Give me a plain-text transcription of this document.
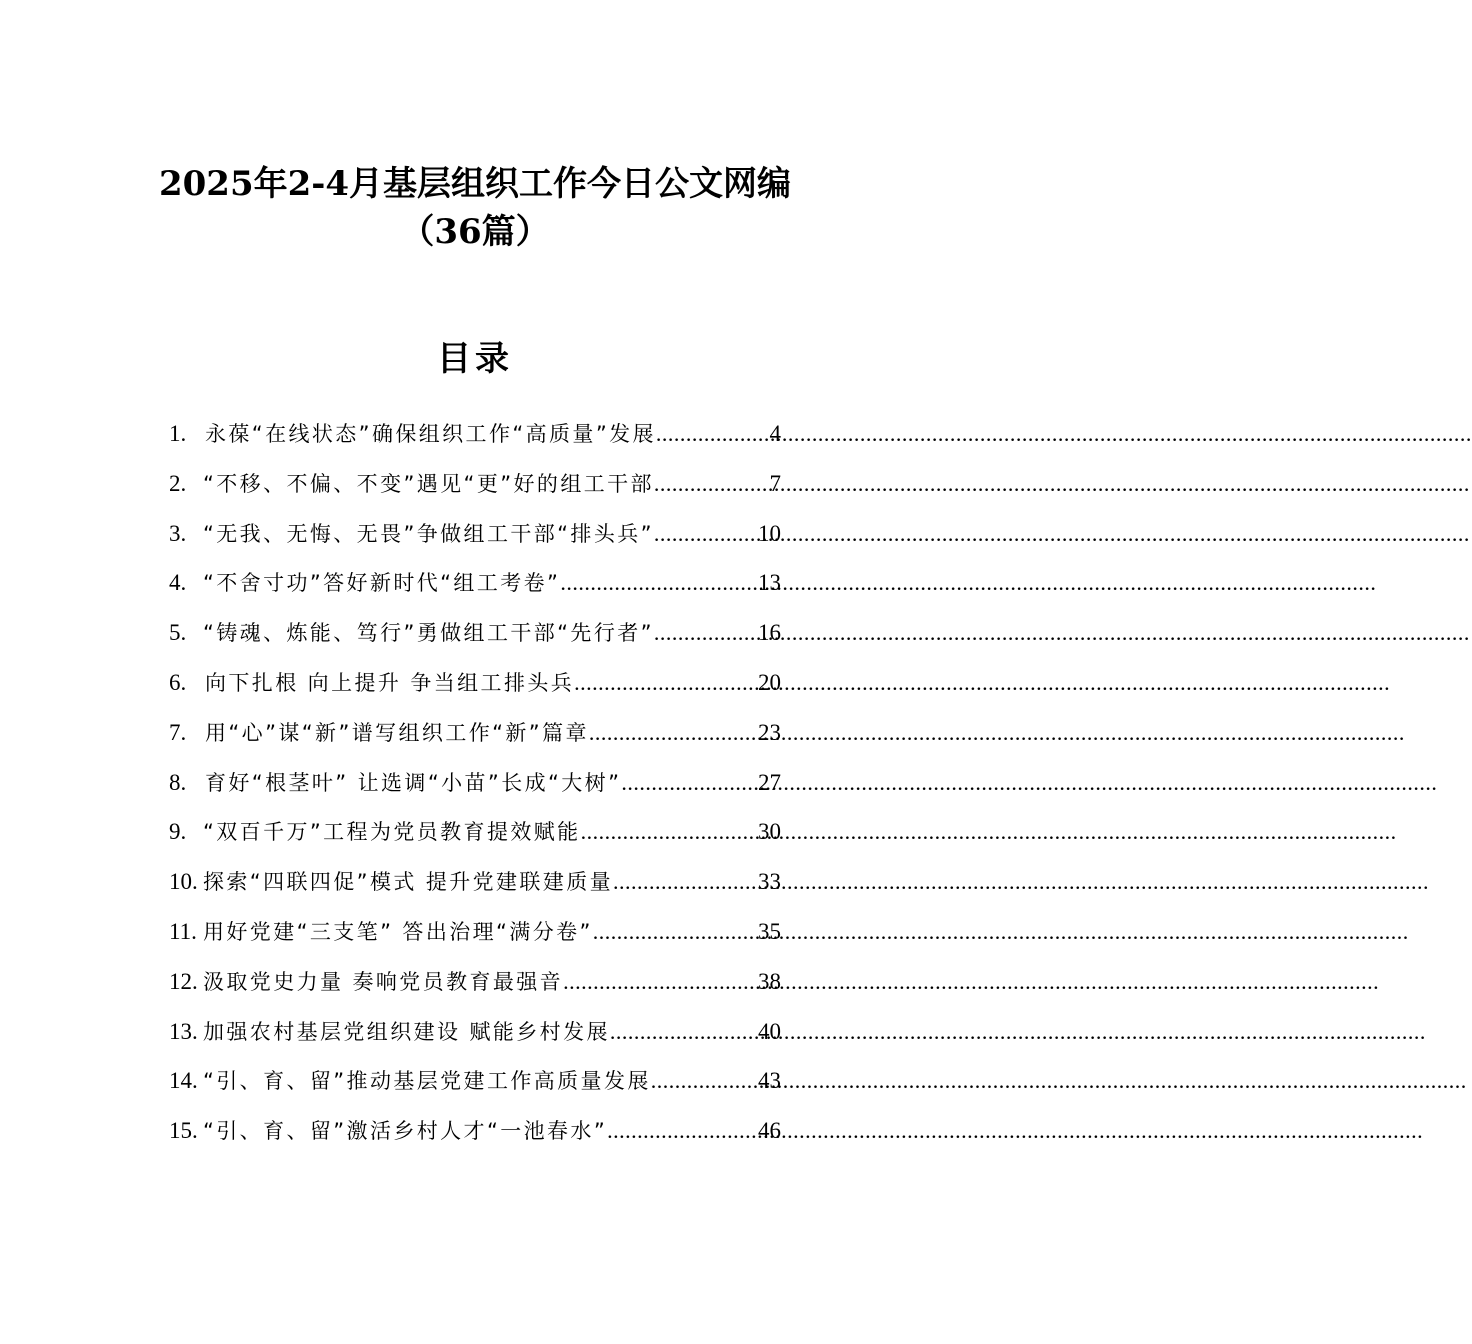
2025年2-4月基层组织工作今日公文网编
（36篇）
目录
1. 永葆“在线状态”确保组织工作“高质量”发展 .....	4
2. “不移、不偏、不变”遇见“更”好的组工干部 .....	7
3. “无我、无悔、无畏”争做组工干部“排头兵” .....	10
4. “不舍寸功”答好新时代“组工考卷” .....	13
5. “铸魂、炼能、笃行”勇做组工干部“先行者” .....	16
6. 向下扎根 向上提升 争当组工排头兵 .....	20
7. 用“心”谋“新”谱写组织工作“新”篇章 .....	23
8. 育好“根茎叶” 让选调“小苗”长成“大树” .....	27
9. “双百千万”工程为党员教育提效赋能 .....	30
10. 探索“四联四促”模式 提升党建联建质量 .....	33
11. 用好党建“三支笔” 答出治理“满分卷” .....	35
12. 汲取党史力量 奏响党员教育最强音 .....	38
13. 加强农村基层党组织建设 赋能乡村发展 .....	40
14. “引、育、留”推动基层党建工作高质量发展 .....	43
15. “引、育、留”激活乡村人才“一池春水” .....	46
